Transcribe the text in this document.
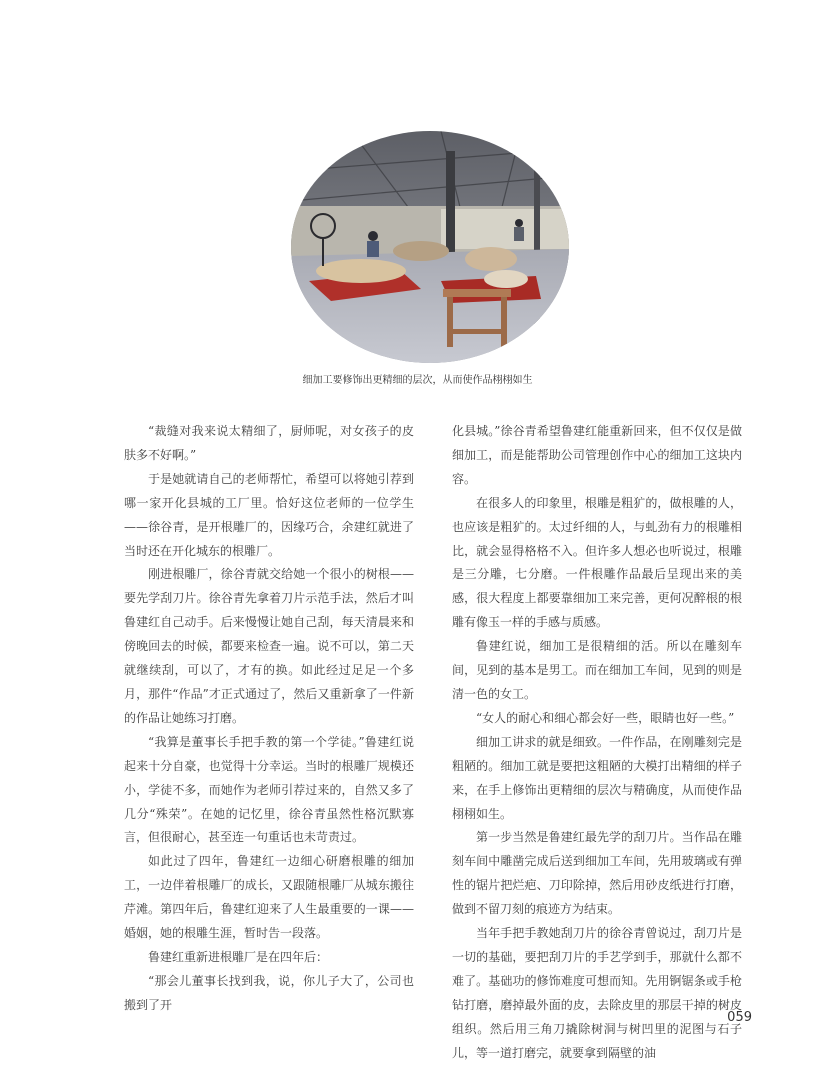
细加工要修饰出更精细的层次，从而使作品栩栩如生

“裁缝对我来说太精细了，厨师呢，对女孩子的皮肤多不好啊。”

于是她就请自己的老师帮忙，希望可以将她引荐到哪一家开化县城的工厂里。恰好这位老师的一位学生——徐谷青，是开根雕厂的，因缘巧合，余建红就进了当时还在开化城东的根雕厂。

刚进根雕厂，徐谷青就交给她一个很小的树根——要先学刮刀片。徐谷青先拿着刀片示范手法，然后才叫鲁建红自己动手。后来慢慢让她自己刮，每天清晨来和傍晚回去的时候，都要来检查一遍。说不可以，第二天就继续刮，可以了，才有的换。如此经过足足一个多月，那件“作品”才正式通过了，然后又重新拿了一件新的作品让她练习打磨。

“我算是董事长手把手教的第一个学徒。”鲁建红说起来十分自豪，也觉得十分幸运。当时的根雕厂规模还小，学徒不多，而她作为老师引荐过来的，自然又多了几分“殊荣”。在她的记忆里，徐谷青虽然性格沉默寡言，但很耐心，甚至连一句重话也未苛责过。

如此过了四年，鲁建红一边细心研磨根雕的细加工，一边伴着根雕厂的成长，又跟随根雕厂从城东搬往芹滩。第四年后，鲁建红迎来了人生最重要的一课——婚姻，她的根雕生涯，暂时告一段落。

鲁建红重新进根雕厂是在四年后：

“那会儿董事长找到我，说，你儿子大了，公司也搬到了开

化县城。”徐谷青希望鲁建红能重新回来，但不仅仅是做细加工，而是能帮助公司管理创作中心的细加工这块内容。

在很多人的印象里，根雕是粗犷的，做根雕的人，也应该是粗犷的。太过纤细的人，与虬劲有力的根雕相比，就会显得格格不入。但许多人想必也听说过，根雕是三分雕，七分磨。一件根雕作品最后呈现出来的美感，很大程度上都要靠细加工来完善，更何况醉根的根雕有像玉一样的手感与质感。

鲁建红说，细加工是很精细的活。所以在雕刻车间，见到的基本是男工。而在细加工车间，见到的则是清一色的女工。

“女人的耐心和细心都会好一些，眼睛也好一些。”

细加工讲求的就是细致。一件作品，在刚雕刻完是粗陋的。细加工就是要把这粗陋的大模打出精细的样子来，在手上修饰出更精细的层次与精确度，从而使作品栩栩如生。

第一步当然是鲁建红最先学的刮刀片。当作品在雕刻车间中雕凿完成后送到细加工车间，先用玻璃或有弹性的锯片把烂疤、刀印除掉，然后用砂皮纸进行打磨，做到不留刀刻的痕迹方为结束。

当年手把手教她刮刀片的徐谷青曾说过，刮刀片是一切的基础，要把刮刀片的手艺学到手，那就什么都不难了。基础功的修饰难度可想而知。先用锕锯条或手枪钻打磨，磨掉最外面的皮，去除皮里的那层干掉的树皮组织。然后用三角刀撬除树洞与树凹里的泥图与石子儿，等一道打磨完，就要拿到隔壁的油

059
